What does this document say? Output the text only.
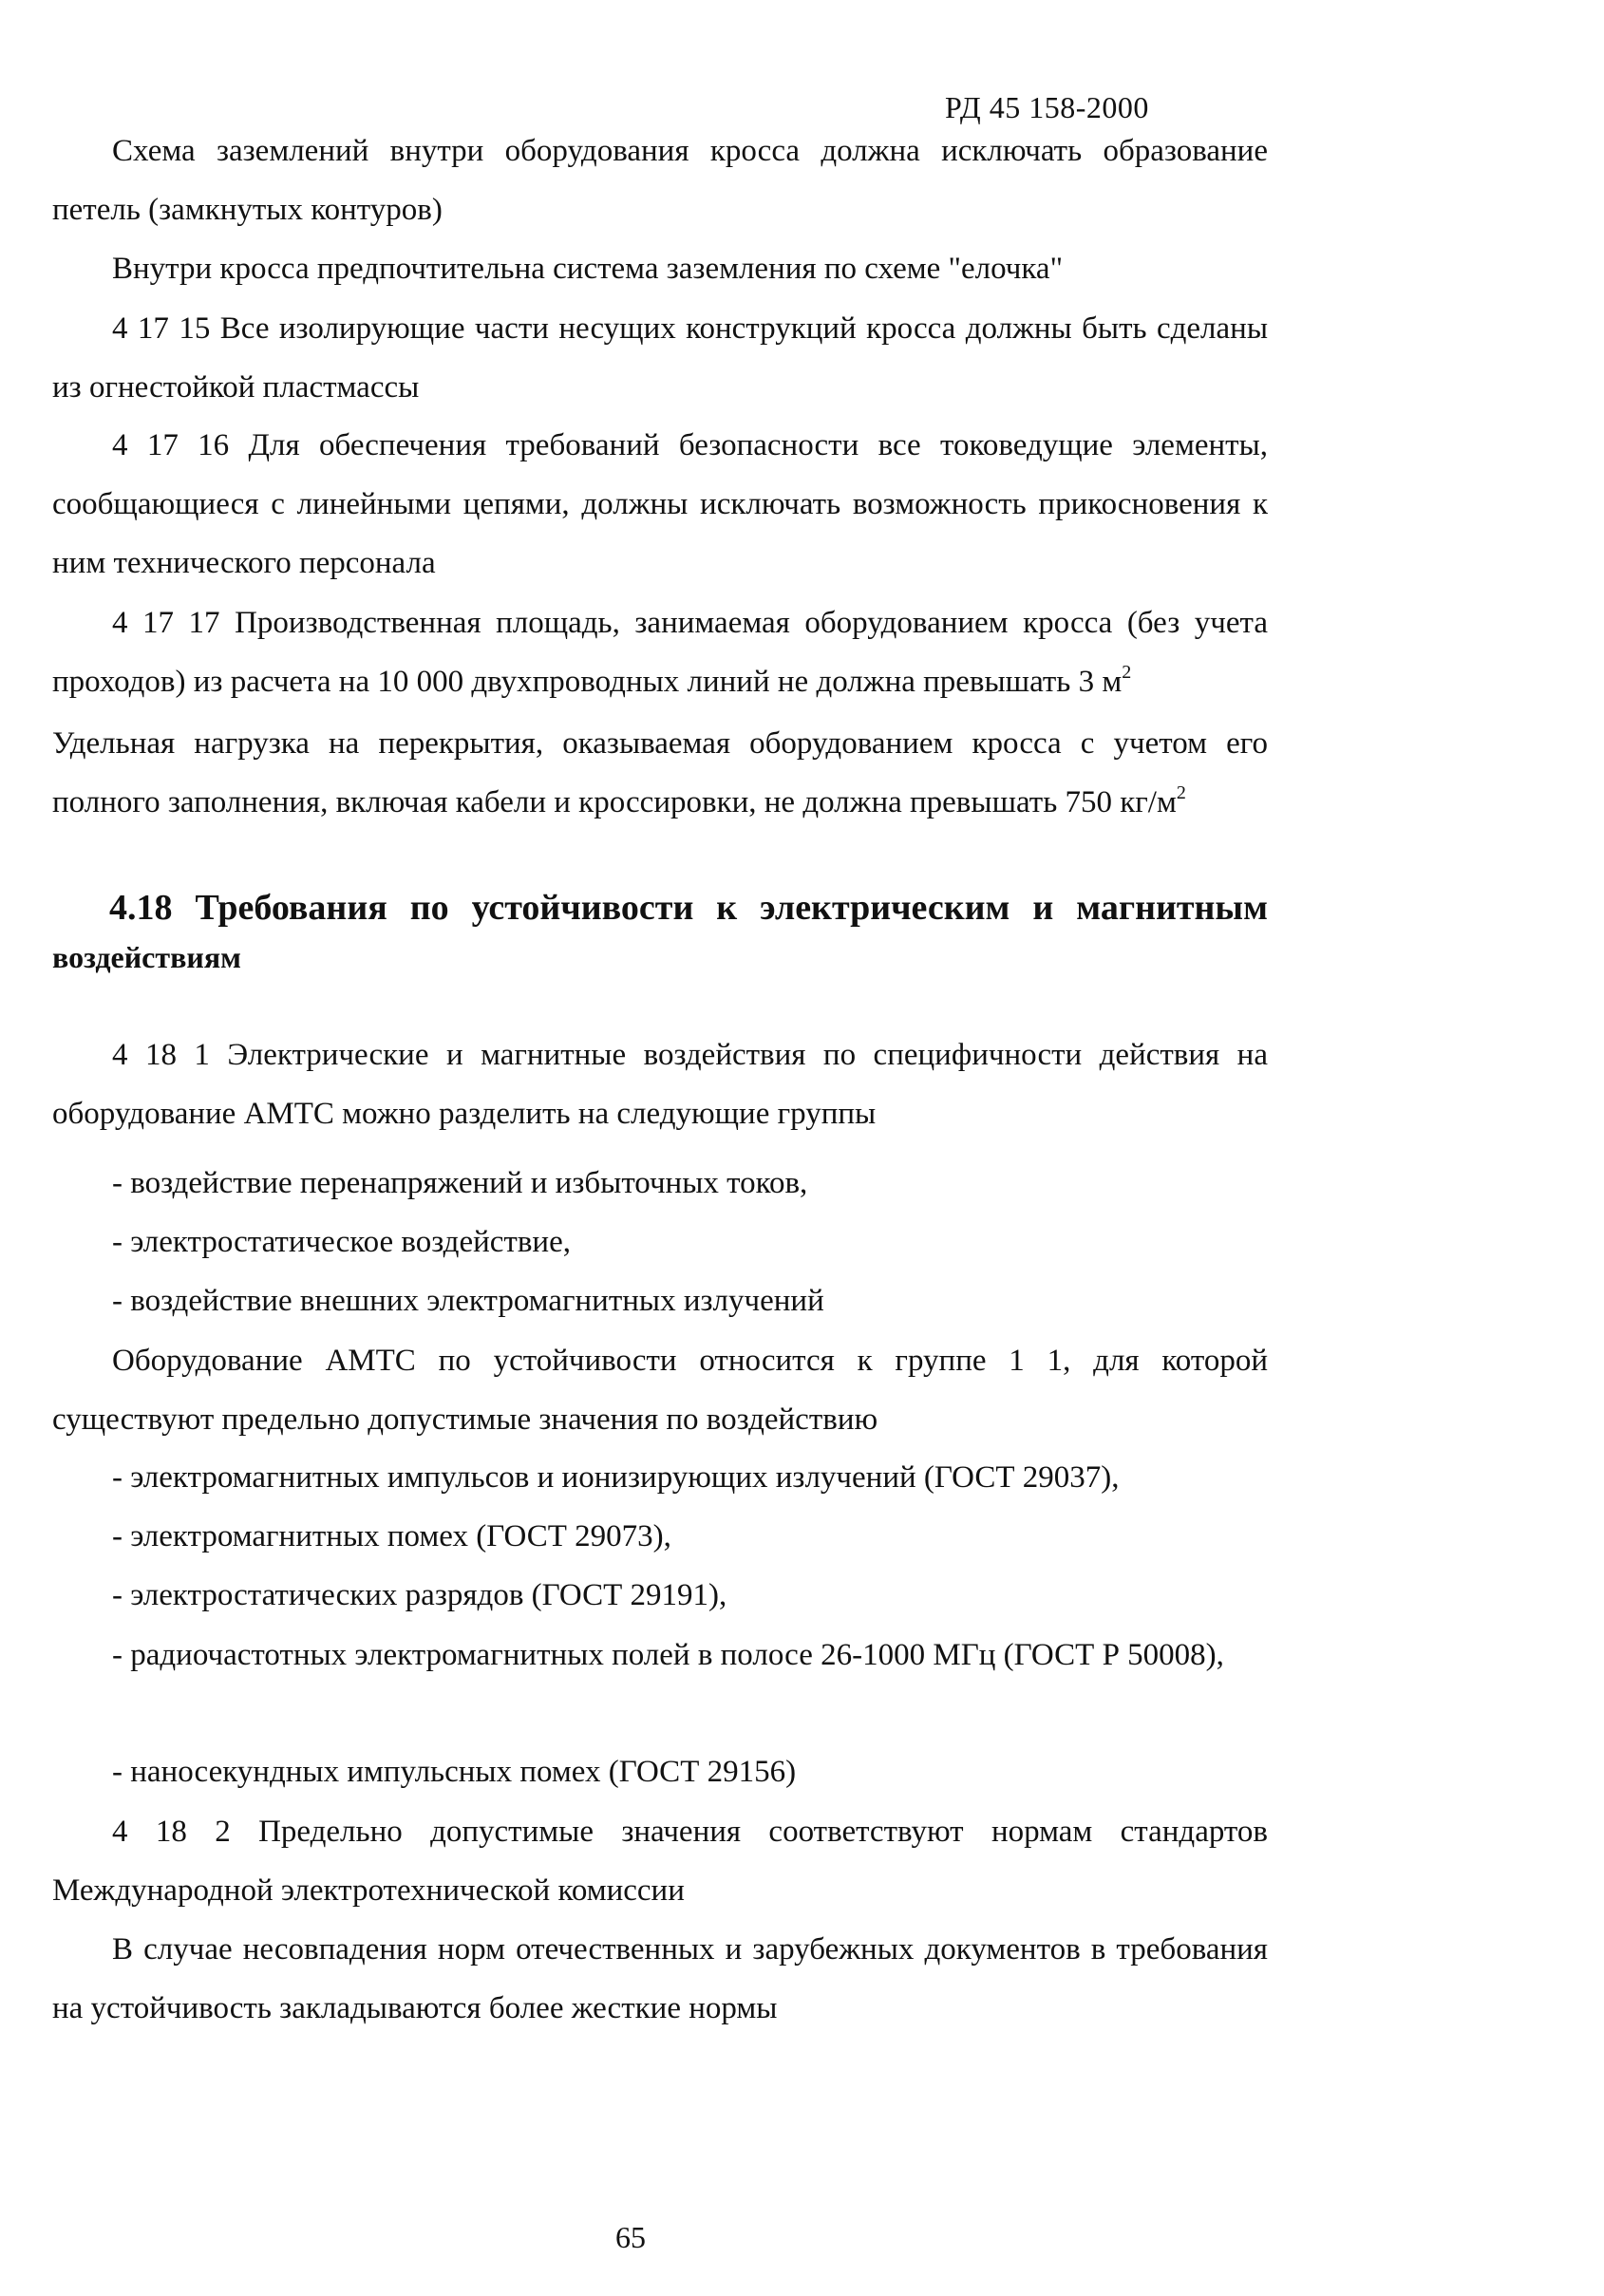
РД 45 158-2000

Схема заземлений внутри оборудования кросса должна исключать образование петель (замкнутых контуров)

Внутри кросса предпочтительна система заземления по схеме "елочка"

4 17 15 Все изолирующие части несущих конструкций кросса должны быть сделаны из огнестойкой пластмассы

4 17 16 Для обеспечения требований безопасности все токоведущие элементы, сообщающиеся с линейными цепями, должны исключать возможность прикосновения к ним технического персонала

4 17 17 Производственная площадь, занимаемая оборудованием кросса (без учета проходов) из расчета на 10 000 двухпроводных линий не должна превышать 3 $м^2$

Удельная нагрузка на перекрытия, оказываемая оборудованием кросса с учетом его полного заполнения, включая кабели и кроссировки, не должна превышать 750 $кг/м^2$

4.18 Требования по устойчивости к электрическим и магнитным
воздействиям

4 18 1 Электрические и магнитные воздействия по специфичности действия на оборудование АМТС можно разделить на следующие группы

- воздействие перенапряжений и избыточных токов,

- электростатическое воздействие,

- воздействие внешних электромагнитных излучений

Оборудование АМТС по устойчивости относится к группе 1 1, для которой существуют предельно допустимые значения по воздействию

- электромагнитных импульсов и ионизирующих излучений (ГОСТ 29037),

- электромагнитных помех (ГОСТ 29073),

- электростатических разрядов (ГОСТ 29191),

- радиочастотных электромагнитных полей в полосе 26-1000 МГц (ГОСТ Р 50008),

- наносекундных импульсных помех (ГОСТ 29156)

4 18 2 Предельно допустимые значения соответствуют нормам стандартов Международной электротехнической комиссии

В случае несовпадения норм отечественных и зарубежных документов в требования на устойчивость закладываются более жесткие нормы

65
